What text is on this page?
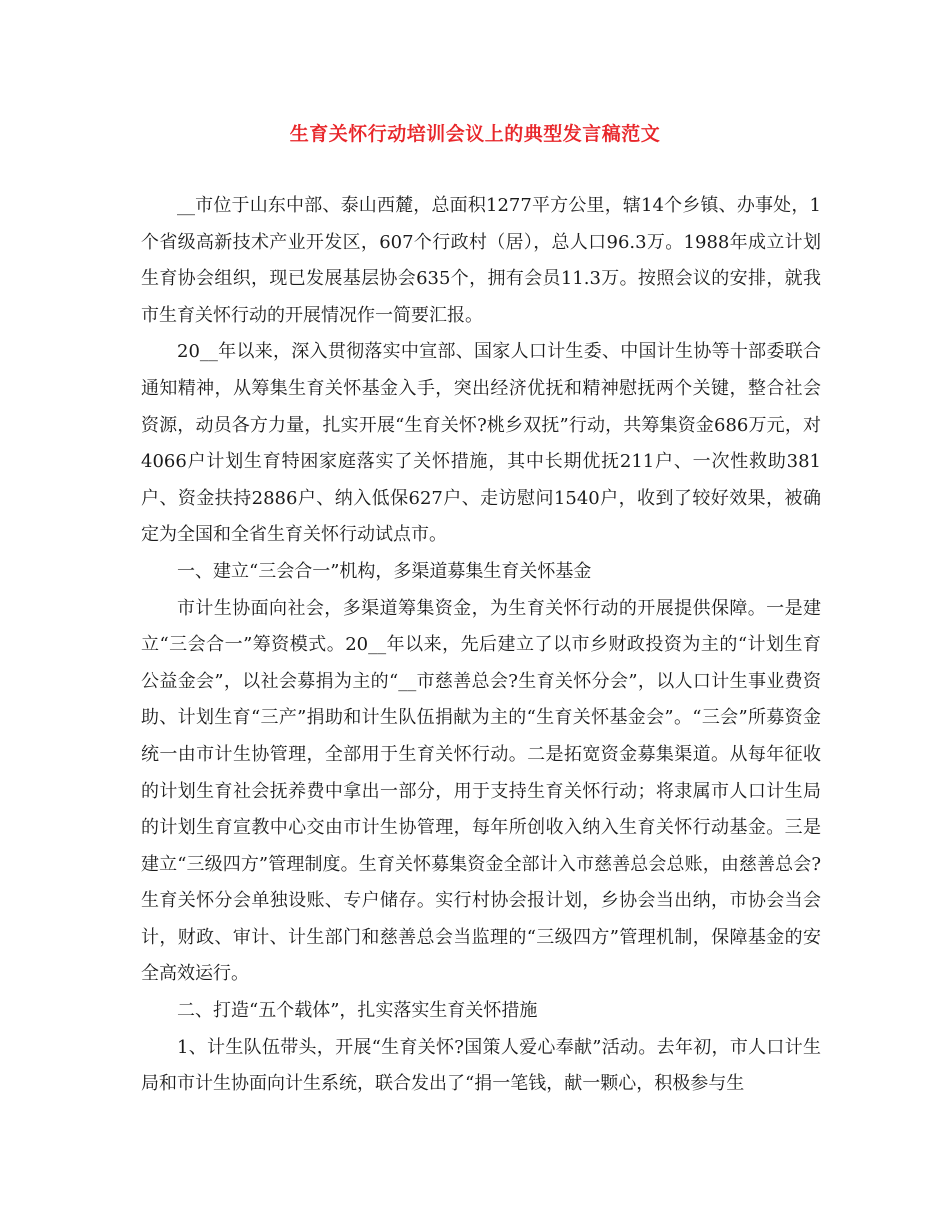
生育关怀行动培训会议上的典型发言稿范文

__市位于山东中部、泰山西麓，总面积1277平方公里，辖14个乡镇、办事处，1个省级高新技术产业开发区，607个行政村（居），总人口96.3万。1988年成立计划生育协会组织，现已发展基层协会635个，拥有会员11.3万。按照会议的安排，就我市生育关怀行动的开展情况作一简要汇报。

20__年以来，深入贯彻落实中宣部、国家人口计生委、中国计生协等十部委联合通知精神，从筹集生育关怀基金入手，突出经济优抚和精神慰抚两个关键，整合社会资源，动员各方力量，扎实开展“生育关怀?桃乡双抚”行动，共筹集资金686万元，对4066户计划生育特困家庭落实了关怀措施，其中长期优抚211户、一次性救助381户、资金扶持2886户、纳入低保627户、走访慰问1540户，收到了较好效果，被确定为全国和全省生育关怀行动试点市。

一、建立“三会合一”机构，多渠道募集生育关怀基金

市计生协面向社会，多渠道筹集资金，为生育关怀行动的开展提供保障。一是建立“三会合一”筹资模式。20__年以来，先后建立了以市乡财政投资为主的“计划生育公益金会”，以社会募捐为主的“__市慈善总会?生育关怀分会”，以人口计生事业费资助、计划生育“三产”捐助和计生队伍捐献为主的“生育关怀基金会”。“三会”所募资金统一由市计生协管理，全部用于生育关怀行动。二是拓宽资金募集渠道。从每年征收的计划生育社会抚养费中拿出一部分，用于支持生育关怀行动；将隶属市人口计生局的计划生育宣教中心交由市计生协管理，每年所创收入纳入生育关怀行动基金。三是建立“三级四方”管理制度。生育关怀募集资金全部计入市慈善总会总账，由慈善总会?生育关怀分会单独设账、专户储存。实行村协会报计划，乡协会当出纳，市协会当会计，财政、审计、计生部门和慈善总会当监理的“三级四方”管理机制，保障基金的安全高效运行。

二、打造“五个载体”，扎实落实生育关怀措施

1、计生队伍带头，开展“生育关怀?国策人爱心奉献”活动。去年初，市人口计生局和市计生协面向计生系统，联合发出了“捐一笔钱，献一颗心，积极参与生
